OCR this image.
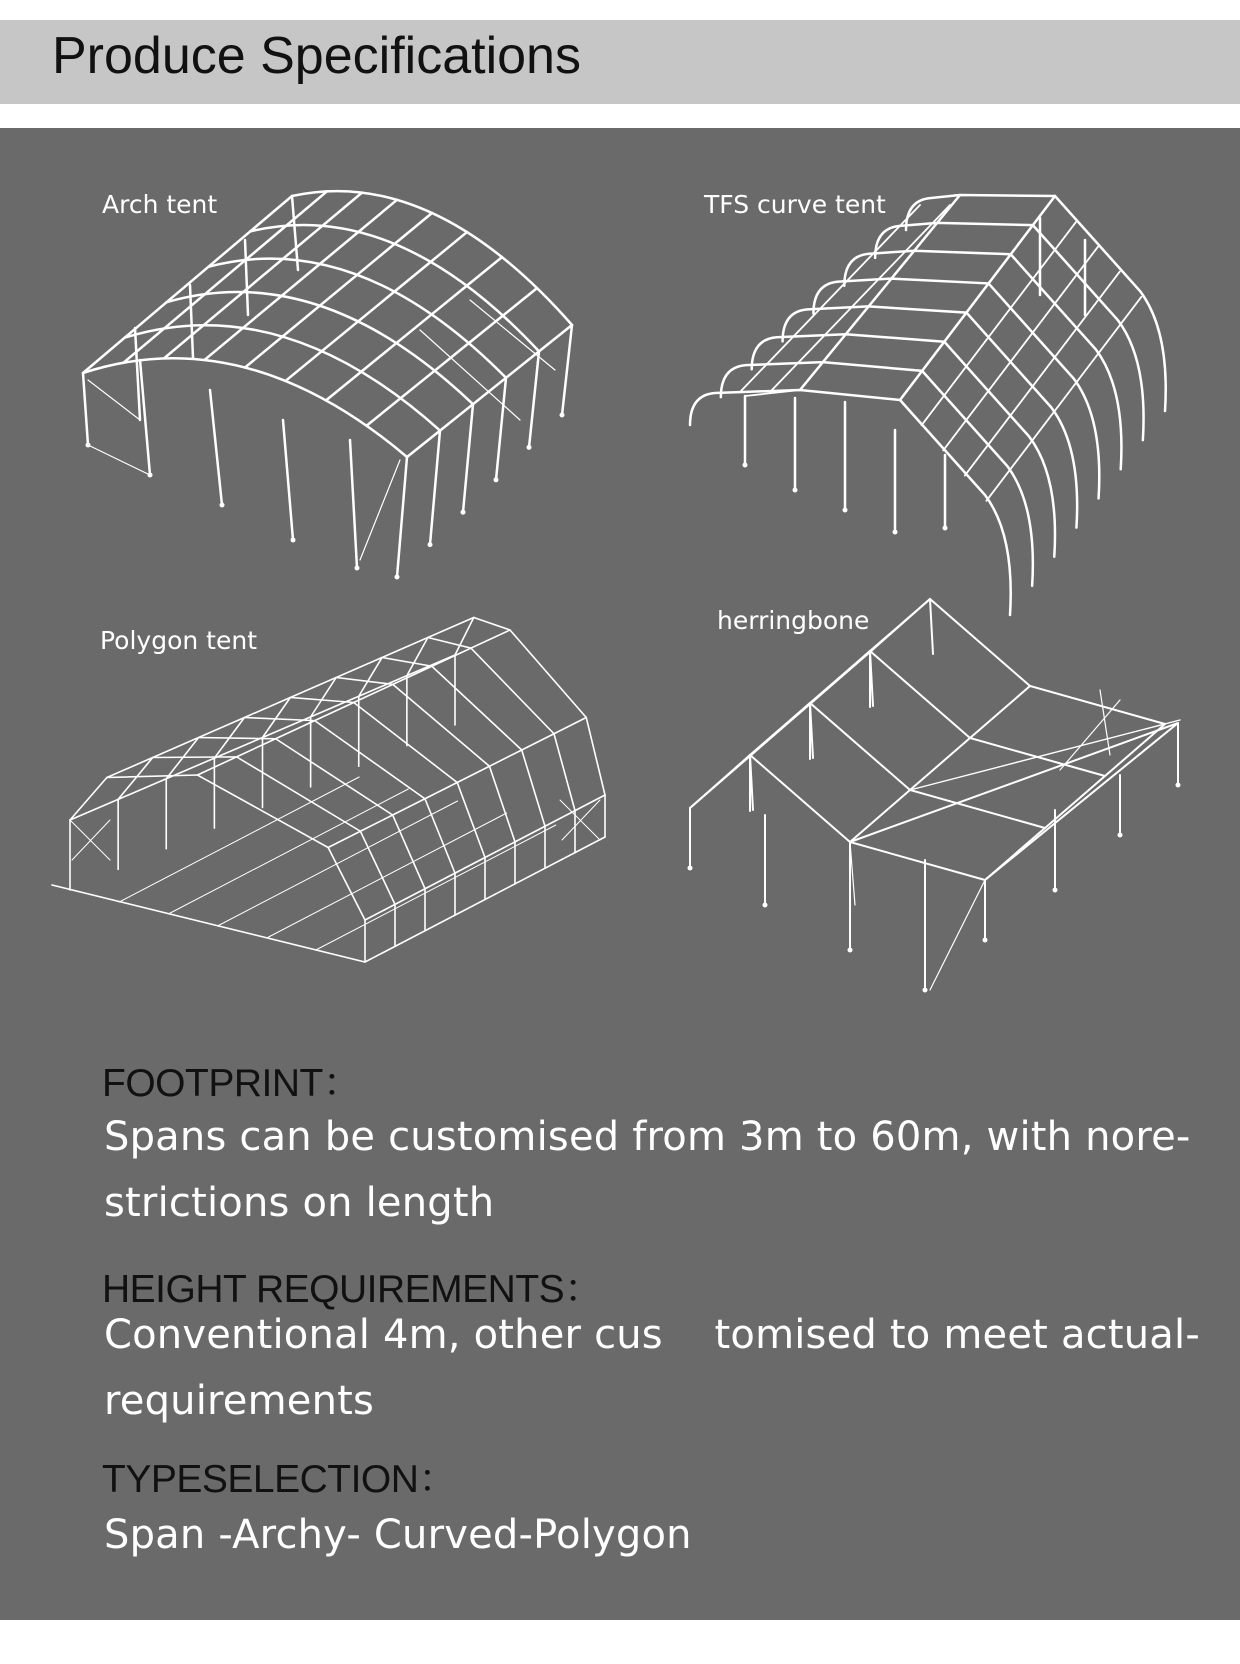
Produce Specifications
Arch tent	TFS curve tent
Polygon tent
herringbone
FOOTPRINT：
Spans can be customised from 3m to 60m, with nore-
strictions on length
HEIGHT REQUIREMENTS：
Conventional 4m, other cus    tomised to meet actual-
requirements
TYPESELECTION：
Span -Archy- Curved-Polygon
